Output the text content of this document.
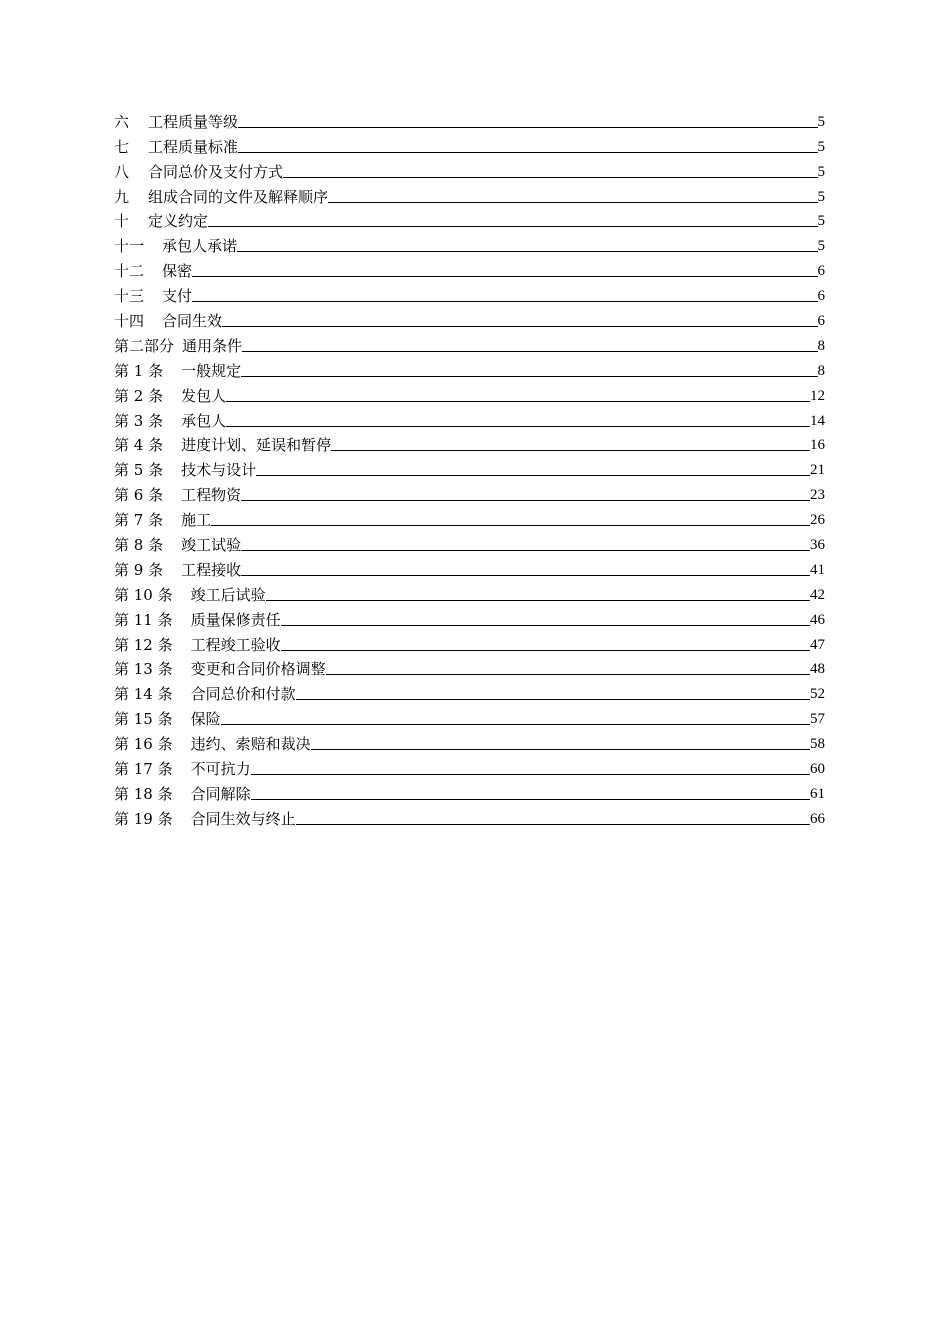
六 工程质量等级	5
七 工程质量标准	5
八 合同总价及支付方式	5
九 组成合同的文件及解释顺序	5
十 定义约定	5
十一 承包人承诺	5
十二 保密	6
十三 支付	6
十四 合同生效	6
第二部分 通用条件	8
第 1 条 一般规定	8
第 2 条 发包人	12
第 3 条 承包人	14
第 4 条 进度计划、延误和暂停	16
第 5 条 技术与设计	21
第 6 条 工程物资	23
第 7 条 施工	26
第 8 条 竣工试验	36
第 9 条 工程接收	41
第 10 条 竣工后试验	42
第 11 条 质量保修责任	46
第 12 条 工程竣工验收	47
第 13 条 变更和合同价格调整	48
第 14 条 合同总价和付款	52
第 15 条 保险	57
第 16 条 违约、索赔和裁决	58
第 17 条 不可抗力	60
第 18 条 合同解除	61
第 19 条 合同生效与终止	66
